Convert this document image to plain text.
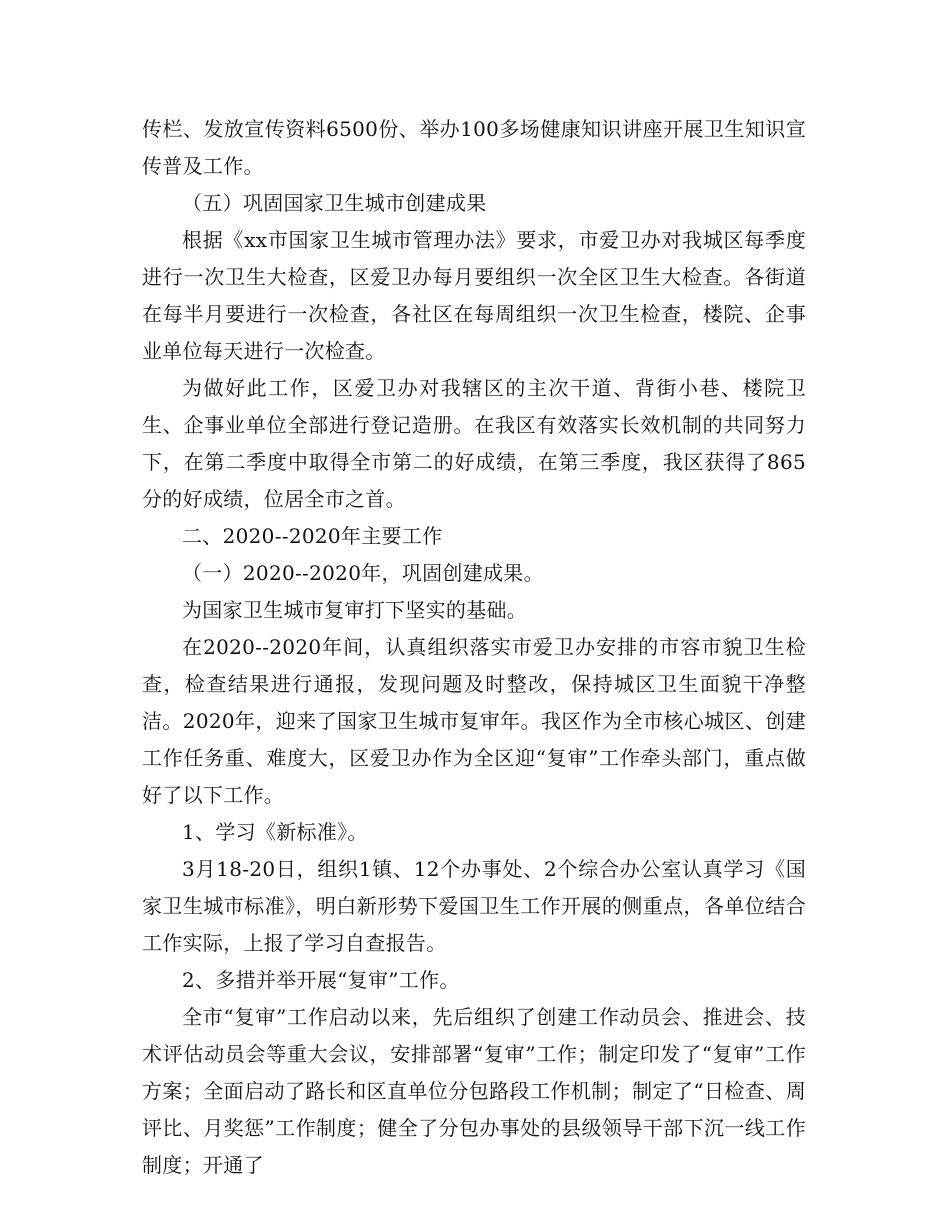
传栏、发放宣传资料6500份、举办100多场健康知识讲座开展卫生知识宣传普及工作。

（五）巩固国家卫生城市创建成果

根据《xx市国家卫生城市管理办法》要求，市爱卫办对我城区每季度进行一次卫生大检查，区爱卫办每月要组织一次全区卫生大检查。各街道在每半月要进行一次检查，各社区在每周组织一次卫生检查，楼院、企事业单位每天进行一次检查。

为做好此工作，区爱卫办对我辖区的主次干道、背街小巷、楼院卫生、企事业单位全部进行登记造册。在我区有效落实长效机制的共同努力下，在第二季度中取得全市第二的好成绩，在第三季度，我区获得了865分的好成绩，位居全市之首。

二、2020--2020年主要工作

（一）2020--2020年，巩固创建成果。

为国家卫生城市复审打下坚实的基础。

在2020--2020年间，认真组织落实市爱卫办安排的市容市貌卫生检查，检查结果进行通报，发现问题及时整改，保持城区卫生面貌干净整洁。2020年，迎来了国家卫生城市复审年。我区作为全市核心城区、创建工作任务重、难度大，区爱卫办作为全区迎“复审”工作牵头部门，重点做好了以下工作。

1、学习《新标准》。

3月18-20日，组织1镇、12个办事处、2个综合办公室认真学习《国家卫生城市标准》，明白新形势下爱国卫生工作开展的侧重点，各单位结合工作实际，上报了学习自查报告。

2、多措并举开展“复审”工作。

全市“复审”工作启动以来，先后组织了创建工作动员会、推进会、技术评估动员会等重大会议，安排部署“复审”工作；制定印发了“复审”工作方案；全面启动了路长和区直单位分包路段工作机制；制定了“日检查、周评比、月奖惩”工作制度；健全了分包办事处的县级领导干部下沉一线工作制度；开通了
